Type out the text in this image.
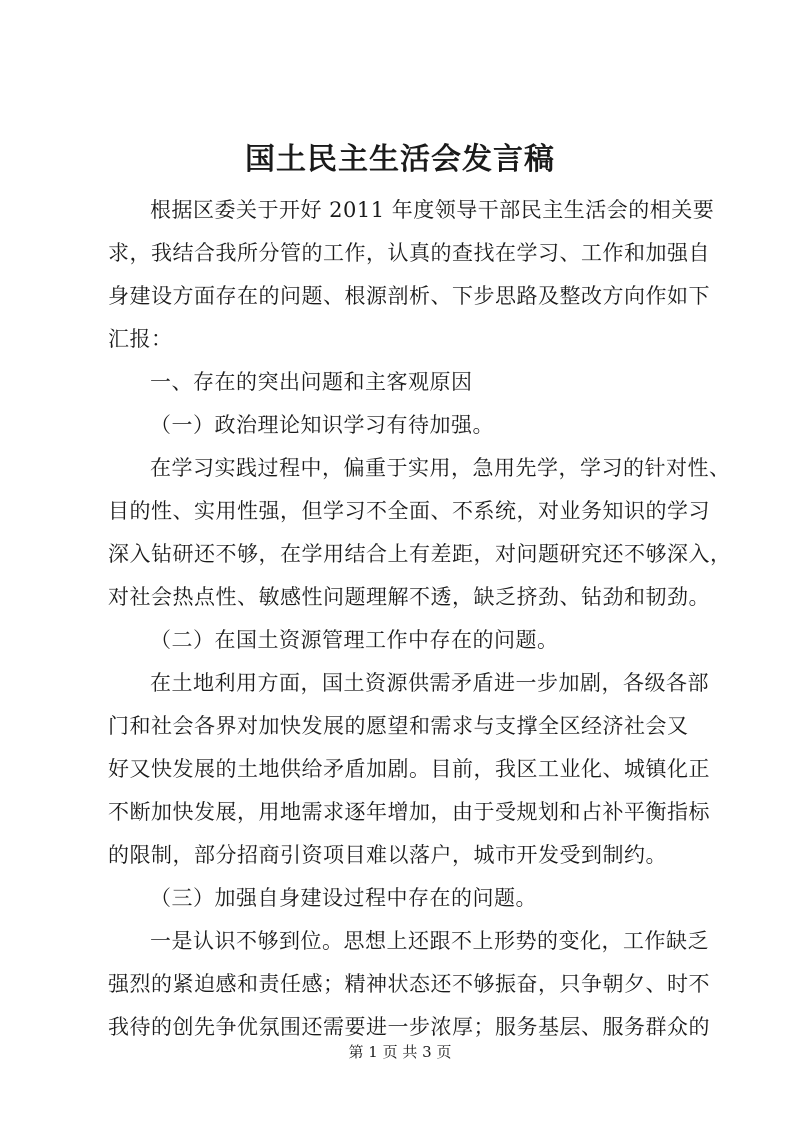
国土民主生活会发言稿
根据区委关于开好 2011 年度领导干部民主生活会的相关要
求，我结合我所分管的工作，认真的查找在学习、工作和加强自
身建设方面存在的问题、根源剖析、下步思路及整改方向作如下
汇报：
一、存在的突出问题和主客观原因
（一）政治理论知识学习有待加强。
在学习实践过程中，偏重于实用，急用先学，学习的针对性、
目的性、实用性强，但学习不全面、不系统，对业务知识的学习
深入钻研还不够，在学用结合上有差距，对问题研究还不够深入，
对社会热点性、敏感性问题理解不透，缺乏挤劲、钻劲和韧劲。
（二）在国土资源管理工作中存在的问题。
在土地利用方面，国土资源供需矛盾进一步加剧，各级各部
门和社会各界对加快发展的愿望和需求与支撑全区经济社会又
好又快发展的土地供给矛盾加剧。目前，我区工业化、城镇化正
不断加快发展，用地需求逐年增加，由于受规划和占补平衡指标
的限制，部分招商引资项目难以落户，城市开发受到制约。
（三）加强自身建设过程中存在的问题。
一是认识不够到位。思想上还跟不上形势的变化，工作缺乏
强烈的紧迫感和责任感；精神状态还不够振奋，只争朝夕、时不
我待的创先争优氛围还需要进一步浓厚；服务基层、服务群众的
第 1 页 共 3 页
